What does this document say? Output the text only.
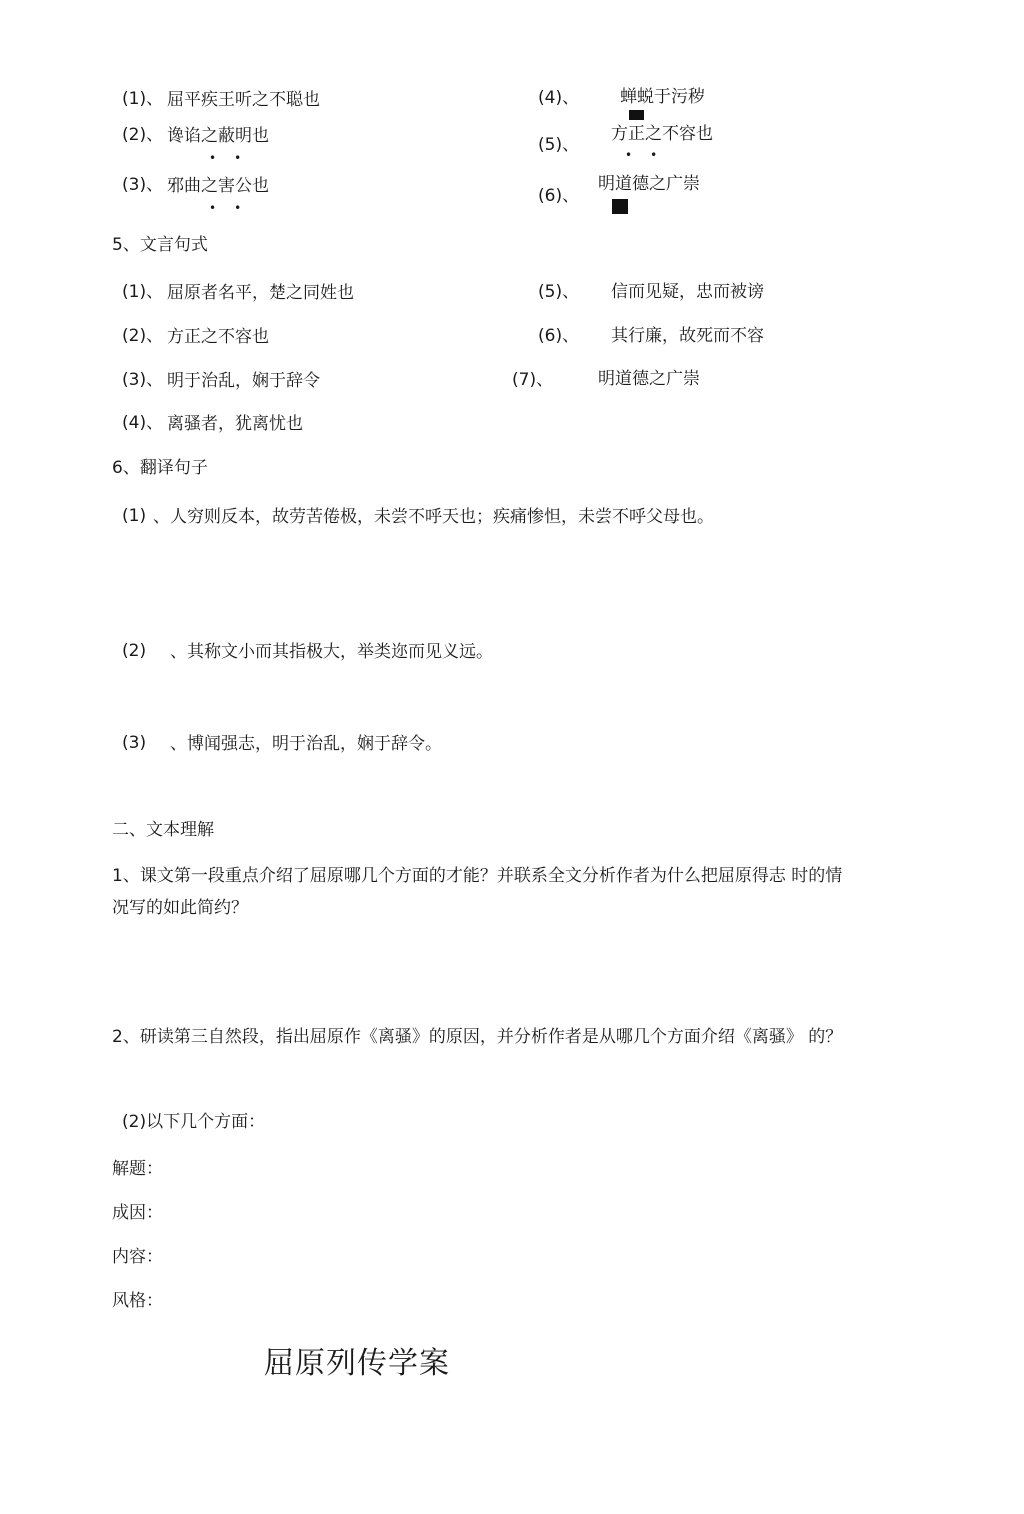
(1)、 屈平疾王听之不聪也
(2)、 谗谄之蔽明也
••
(3)、 邪曲之害公也
••
(4)、 蝉蜕于污秽
(5)、
方正之不容也
••
(6)、
明道德之广崇
5、文言句式
(1)、 屈原者名平，楚之同姓也
(2)、 方正之不容也
(3)、 明于治乱，娴于辞令
(4)、 离骚者，犹离忧也
(5)、 信而见疑，忠而被谤
(6)、 其行廉，故死而不容
(7)、	明道德之广崇
6、翻译句子
(1) 、人穷则反本，故劳苦倦极，未尝不呼天也；疾痛惨怛，未尝不呼父母也。
(2) 、其称文小而其指极大，举类迩而见义远。
(3) 、博闻强志，明于治乱，娴于辞令。
二、文本理解
1、课文第一段重点介绍了屈原哪几个方面的才能？并联系全文分析作者为什么把屈原得志 时的情
况写的如此简约？
2、研读第三自然段，指出屈原作《离骚》的原因，并分析作者是从哪几个方面介绍《离骚》 的？
(2)以下几个方面：
解题：
成因：
内容：
风格：
屈原列传学案
